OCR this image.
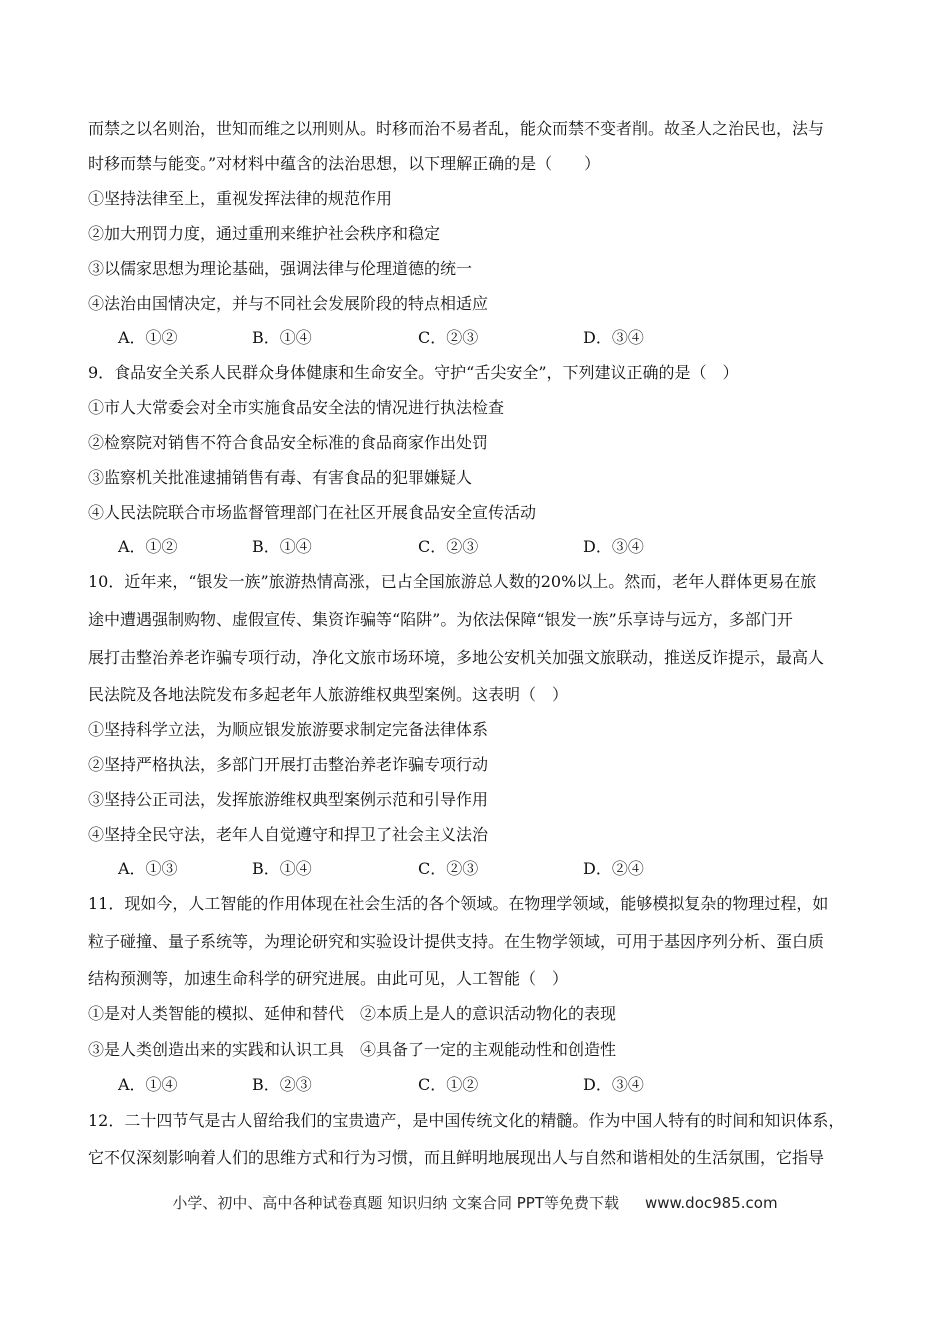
而禁之以名则治，世知而维之以刑则从。时移而治不易者乱，能众而禁不变者削。故圣人之治民也，法与
时移而禁与能变。”对材料中蕴含的法治思想，以下理解正确的是（　　）
①坚持法律至上，重视发挥法律的规范作用
②加大刑罚力度，通过重刑来维护社会秩序和稳定
③以儒家思想为理论基础，强调法律与伦理道德的统一
④法治由国情决定，并与不同社会发展阶段的特点相适应
A．①②	B．①④	C．②③	D．③④
9．食品安全关系人民群众身体健康和生命安全。守护“舌尖安全”，下列建议正确的是（　）
①市人大常委会对全市实施食品安全法的情况进行执法检查
②检察院对销售不符合食品安全标准的食品商家作出处罚
③监察机关批准逮捕销售有毒、有害食品的犯罪嫌疑人
④人民法院联合市场监督管理部门在社区开展食品安全宣传活动
A．①②	B．①④	C．②③	D．③④
10．近年来，“银发一族”旅游热情高涨，已占全国旅游总人数的20%以上。然而，老年人群体更易在旅
途中遭遇强制购物、虚假宣传、集资诈骗等“陷阱”。为依法保障“银发一族”乐享诗与远方，多部门开
展打击整治养老诈骗专项行动，净化文旅市场环境，多地公安机关加强文旅联动，推送反诈提示，最高人
民法院及各地法院发布多起老年人旅游维权典型案例。这表明（　）
①坚持科学立法，为顺应银发旅游要求制定完备法律体系
②坚持严格执法，多部门开展打击整治养老诈骗专项行动
③坚持公正司法，发挥旅游维权典型案例示范和引导作用
④坚持全民守法，老年人自觉遵守和捍卫了社会主义法治
A．①③	B．①④	C．②③	D．②④
11．现如今，人工智能的作用体现在社会生活的各个领域。在物理学领域，能够模拟复杂的物理过程，如
粒子碰撞、量子系统等，为理论研究和实验设计提供支持。在生物学领域，可用于基因序列分析、蛋白质
结构预测等，加速生命科学的研究进展。由此可见，人工智能（　）
①是对人类智能的模拟、延伸和替代　②本质上是人的意识活动物化的表现
③是人类创造出来的实践和认识工具　④具备了一定的主观能动性和创造性
A．①④	B．②③	C．①②	D．③④
12．二十四节气是古人留给我们的宝贵遗产，是中国传统文化的精髓。作为中国人特有的时间和知识体系，
它不仅深刻影响着人们的思维方式和行为习惯，而且鲜明地展现出人与自然和谐相处的生活氛围，它指导
小学、初中、高中各种试卷真题 知识归纳 文案合同 PPT等免费下载 www.doc985.com
